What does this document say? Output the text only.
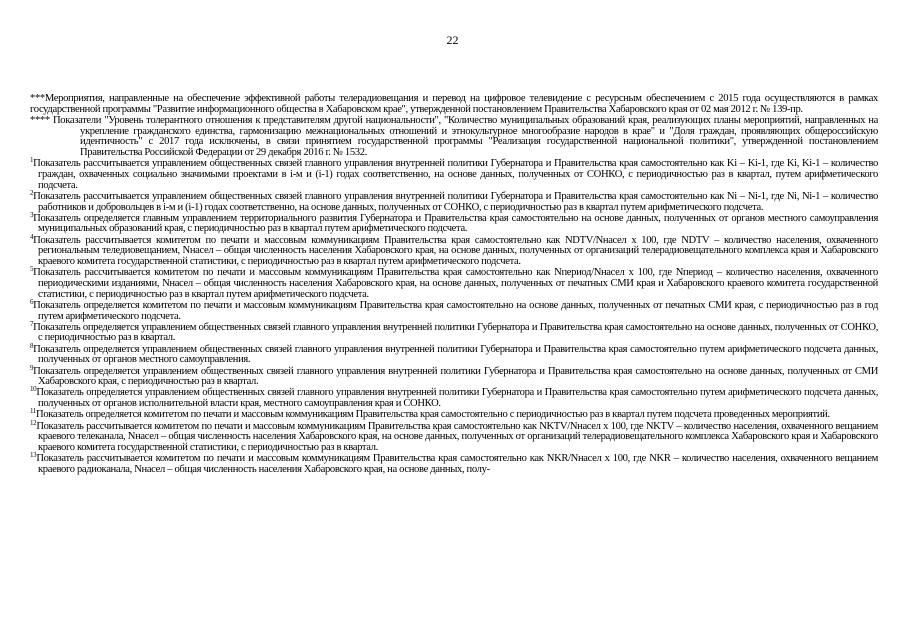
22

***Мероприятия, направленные на обеспечение эффективной работы телерадиовещания и перевод на цифровое телевидение с ресурсным обеспечением с 2015 года осуществляются в рамках государственной программы "Развитие информационного общества в Хабаровском крае", утвержденной постановлением Правительства Хабаровского края от 02 мая 2012 г. № 139-пр.

**** Показатели "Уровень толерантного отношения к представителям другой национальности", "Количество муниципальных образований края, реализующих планы мероприятий, направленных на укрепление гражданского единства, гармонизацию межнациональных отношений и этнокультурное многообразие народов в крае" и "Доля граждан, проявляющих общероссийскую идентичность" с 2017 года исключены, в связи принятием государственной программы "Реализация государственной национальной политики", утвержденной постановлением Правительства Российской Федерации от 29 декабря 2016 г. № 1532.

$^1$Показатель рассчитывается управлением общественных связей главного управления внутренней политики Губернатора и Правительства края самостоятельно как Ki – Ki-1, где Ki, Ki-1 – количество граждан, охваченных социально значимыми проектами в i-м и (i-1) годах соответственно, на основе данных, полученных от СОНКО, с периодичностью раз в квартал, путем арифметического подсчета.

$^2$Показатель рассчитывается управлением общественных связей главного управления внутренней политики Губернатора и Правительства края самостоятельно как Ni – Ni-1, где Ni, Ni-1 – количество работников и добровольцев в i-м и (i-1) годах соответственно, на основе данных, полученных от СОНКО, с периодичностью раз в квартал путем арифметического подсчета.

$^3$Показатель определяется главным управлением территориального развития Губернатора и Правительства края самостоятельно на основе данных, полученных от органов местного самоуправления муниципальных образований края, с периодичностью раз в квартал путем арифметического подсчета.

$^4$Показатель рассчитывается комитетом по печати и массовым коммуникациям Правительства края самостоятельно как NDTV/Nнасел x 100, где NDTV – количество населения, охваченного региональным теледиовещанием, Nнасел – общая численность населения Хабаровского края, на основе данных, полученных от организаций телерадиовещательного комплекса края и Хабаровского краевого комитета государственной статистики, с периодичностью раз в квартал путем арифметического подсчета.

$^5$Показатель рассчитывается комитетом по печати и массовым коммуникациям Правительства края самостоятельно как Nпериод/Nнасел x 100, где Nпериод – количество населения, охваченного периодическими изданиями, Nнасел – общая численность населения Хабаровского края, на основе данных, полученных от печатных СМИ края и Хабаровского краевого комитета государственной статистики, с периодичностью раз в квартал путем арифметического подсчета.

$^6$Показатель определяется комитетом по печати и массовым коммуникациям Правительства края самостоятельно на основе данных, полученных от печатных СМИ края, с периодичностью раз в год путем арифметического подсчета.

$^7$Показатель определяется управлением общественных связей главного управления внутренней политики Губернатора и Правительства края самостоятельно на основе данных, полученных от СОНКО, с периодичностью раз в квартал.

$^8$Показатель определяется управлением общественных связей главного управления внутренней политики Губернатора и Правительства края самостоятельно путем арифметического подсчета данных, полученных от органов местного самоуправления.

$^9$Показатель определяется управлением общественных связей главного управления внутренней политики Губернатора и Правительства края самостоятельно на основе данных, полученных от СМИ Хабаровского края, с периодичностью раз в квартал.

$^{10}$Показатель определяется управлением общественных связей главного управления внутренней политики Губернатора и Правительства края самостоятельно путем арифметического подсчета данных, полученных от органов исполнительной власти края, местного самоуправления края и СОНКО.

$^{11}$Показатель определяется комитетом по печати и массовым коммуникациям Правительства края самостоятельно с периодичностью раз в квартал путем подсчета проведенных мероприятий.

$^{12}$Показатель рассчитывается комитетом по печати и массовым коммуникациям Правительства края самостоятельно как NKTV/Nнасел x 100, где NKTV – количество населения, охваченного вещанием краевого телеканала, Nнасел – общая численность населения Хабаровского края, на основе данных, полученных от организаций телерадиовещательного комплекса Хабаровского края и Хабаровского краевого комитета государственной статистики, с периодичностью раз в квартал.

$^{13}$Показатель рассчитывается комитетом по печати и массовым коммуникациям Правительства края самостоятельно как NKR/Nнасел x 100, где NKR – количество населения, охваченного вещанием краевого радиоканала, Nнасел – общая численность населения Хабаровского края, на основе данных, полу-
